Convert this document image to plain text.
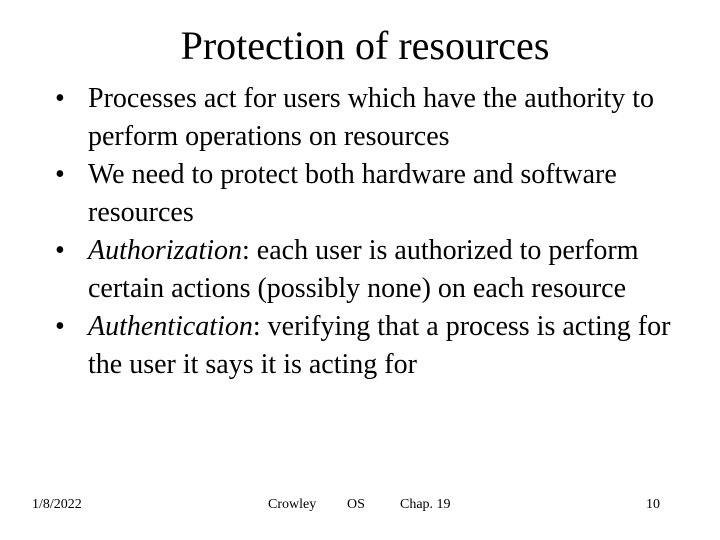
Protection of resources
• Processes act for users which have the authority to perform operations on resources
• We need to protect both hardware and software resources
• Authorization: each user is authorized to perform certain actions (possibly none) on each resource
• Authentication: verifying that a process is acting for the user it says it is acting for
1/8/2022	Crowley OS	Chap. 19	10
